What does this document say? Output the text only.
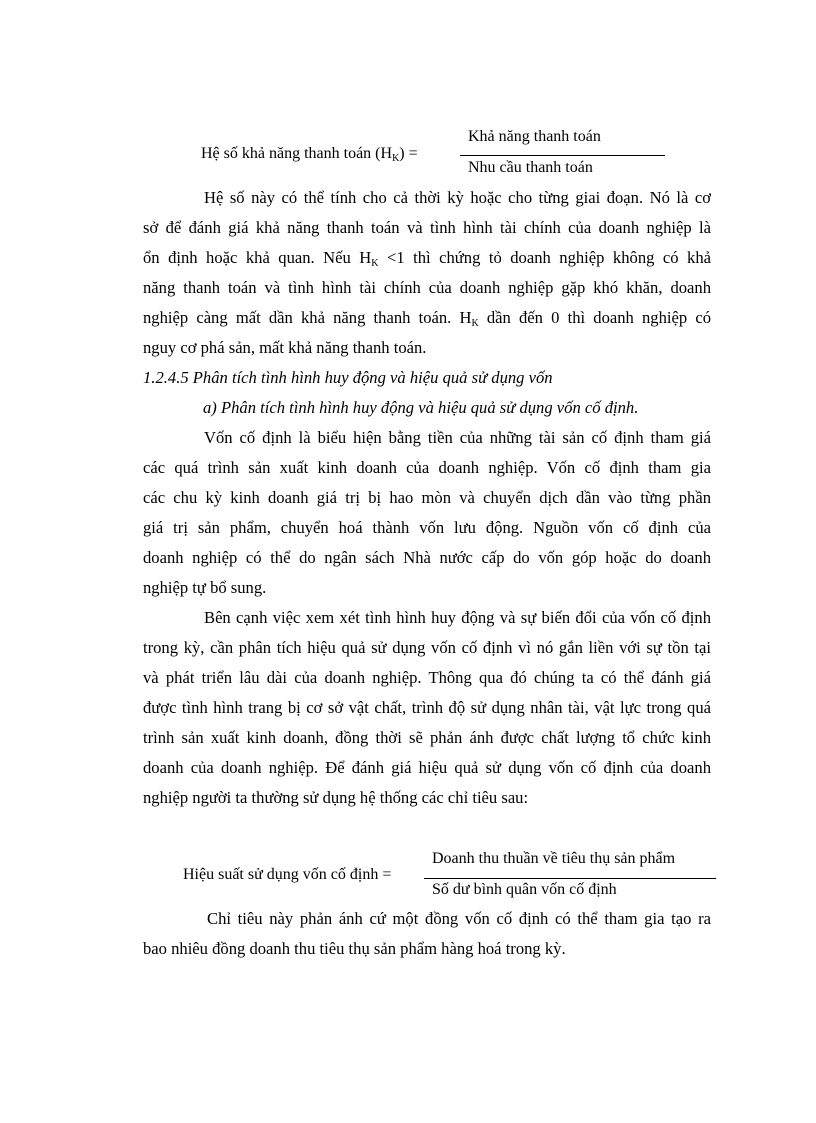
Hệ số khả năng thanh toán $(H_K)$ =
Khả năng thanh toán
Nhu cầu thanh toán
Hệ số này có thể tính cho cả thời kỳ hoặc cho từng giai đoạn. Nó là cơ
sở để đánh giá khả năng thanh toán và tình hình tài chính của doanh nghiệp là
ổn định hoặc khả quan. Nếu $H_K <1$ thì chứng tỏ doanh nghiệp không có khả
năng thanh toán và tình hình tài chính của doanh nghiệp gặp khó khăn, doanh
nghiệp càng mất dần khả năng thanh toán. $H_K$ dần đến 0 thì doanh nghiệp có
nguy cơ phá sản, mất khả năng thanh toán.
1.2.4.5 Phân tích tình hình huy động và hiệu quả sử dụng vốn
a) Phân tích tình hình huy động và hiệu quả sử dụng vốn cố định.
Vốn cố định là biểu hiện bằng tiền của những tài sản cố định tham giá
các quá trình sản xuất kinh doanh của doanh nghiệp. Vốn cố định tham gia
các chu kỳ kinh doanh giá trị bị hao mòn và chuyển dịch dần vào từng phần
giá trị sản phẩm, chuyển hoá thành vốn lưu động. Nguồn vốn cố định của
doanh nghiệp có thể do ngân sách Nhà nước cấp do vốn góp hoặc do doanh
nghiệp tự bổ sung.
Bên cạnh việc xem xét tình hình huy động và sự biến đổi của vốn cố định
trong kỳ, cần phân tích hiệu quả sử dụng vốn cố định vì nó gắn liền với sự tồn tại
và phát triển lâu dài của doanh nghiệp. Thông qua đó chúng ta có thể đánh giá
được tình hình trang bị cơ sở vật chất, trình độ sử dụng nhân tài, vật lực trong quá
trình sản xuất kinh doanh, đồng thời sẽ phản ánh được chất lượng tổ chức kinh
doanh của doanh nghiệp. Để đánh giá hiệu quả sử dụng vốn cố định của doanh
nghiệp người ta thường sử dụng hệ thống các chỉ tiêu sau:
Hiệu suất sử dụng vốn cố định =
Doanh thu thuần về tiêu thụ sản phẩm
Số dư bình quân vốn cố định
Chỉ tiêu này phản ánh cứ một đồng vốn cố định có thể tham gia tạo ra
bao nhiêu đồng doanh thu tiêu thụ sản phẩm hàng hoá trong kỳ.
